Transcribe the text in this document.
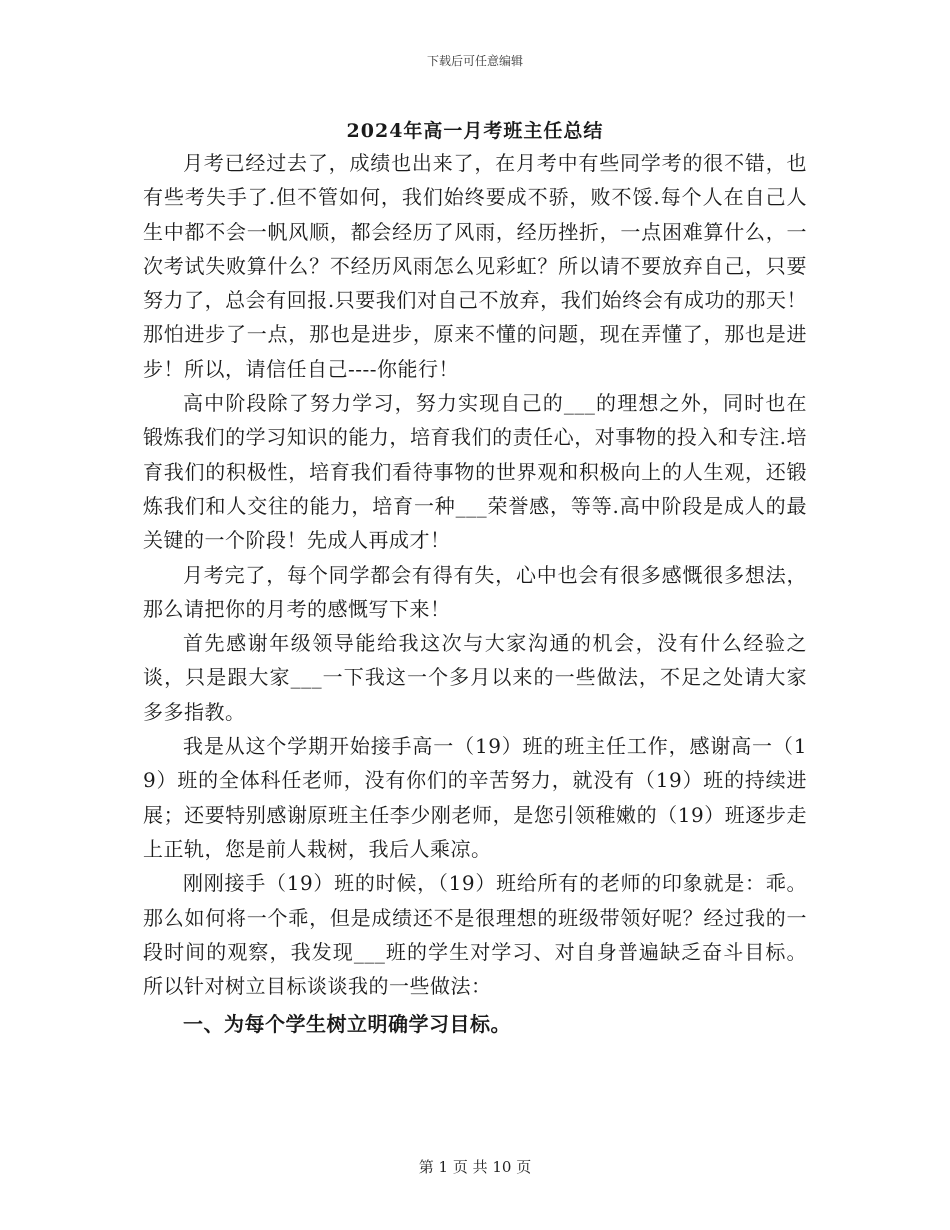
下载后可任意编辑
2024年高一月考班主任总结

月考已经过去了，成绩也出来了，在月考中有些同学考的很不错，也有些考失手了.但不管如何，我们始终要成不骄，败不馁.每个人在自己人生中都不会一帆风顺，都会经历了风雨，经历挫折，一点困难算什么，一次考试失败算什么？不经历风雨怎么见彩虹？所以请不要放弃自己，只要努力了，总会有回报.只要我们对自己不放弃，我们始终会有成功的那天！那怕进步了一点，那也是进步，原来不懂的问题，现在弄懂了，那也是进步！所以，请信任自己----你能行！

高中阶段除了努力学习，努力实现自己的___的理想之外，同时也在锻炼我们的学习知识的能力，培育我们的责任心，对事物的投入和专注.培育我们的积极性，培育我们看待事物的世界观和积极向上的人生观，还锻炼我们和人交往的能力，培育一种___荣誉感，等等.高中阶段是成人的最关键的一个阶段！先成人再成才！

月考完了，每个同学都会有得有失，心中也会有很多感慨很多想法，那么请把你的月考的感慨写下来！

首先感谢年级领导能给我这次与大家沟通的机会，没有什么经验之谈，只是跟大家___一下我这一个多月以来的一些做法，不足之处请大家多多指教。

我是从这个学期开始接手高一（19）班的班主任工作，感谢高一（19）班的全体科任老师，没有你们的辛苦努力，就没有（19）班的持续进展；还要特别感谢原班主任李少刚老师，是您引领稚嫩的（19）班逐步走上正轨，您是前人栽树，我后人乘凉。

刚刚接手（19）班的时候，（19）班给所有的老师的印象就是：乖。那么如何将一个乖，但是成绩还不是很理想的班级带领好呢？经过我的一段时间的观察，我发现___班的学生对学习、对自身普遍缺乏奋斗目标。所以针对树立目标谈谈我的一些做法：

一、为每个学生树立明确学习目标。

第 1 页 共 10 页
